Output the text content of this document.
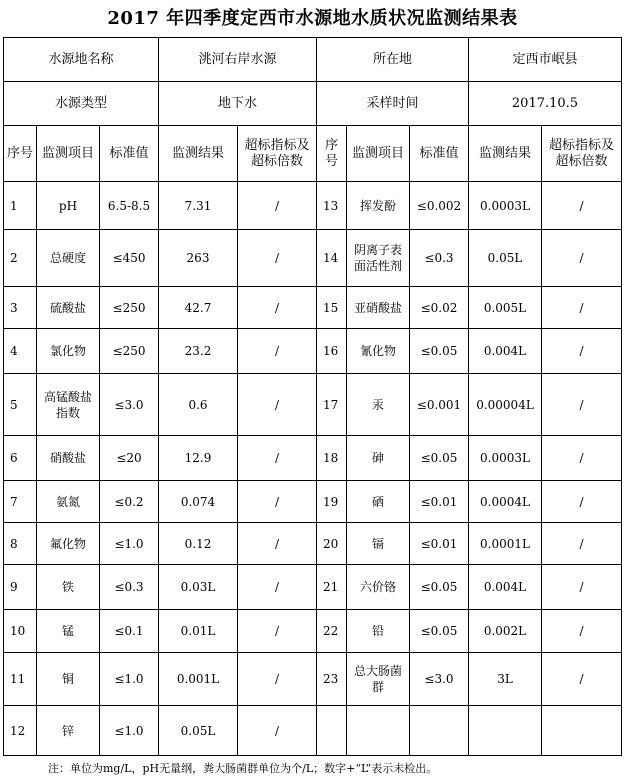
2017 年四季度定西市水源地水质状况监测结果表
水源地名称			洮河右岸水源		所在地			定西市岷县	
水源类型			地下水		采样时间			2017.10.5	
序号	监测项目	标准值	监测结果	超标指标及超标倍数	序号	监测项目	标准值	监测结果	超标指标及超标倍数
1	pH	6.5-8.5	7.31	/	13	挥发酚	≤0.002	0.0003L	/
2	总硬度	≤450	263	/	14	阴离子表面活性剂	≤0.3	0.05L	/
3	硫酸盐	≤250	42.7	/	15	亚硝酸盐	≤0.02	0.005L	/
4	氯化物	≤250	23.2	/	16	氰化物	≤0.05	0.004L	/
5	高锰酸盐指数	≤3.0	0.6	/	17	汞	≤0.001	0.00004L	/
6	硝酸盐	≤20	12.9	/	18	砷	≤0.05	0.0003L	/
7	氨氮	≤0.2	0.074	/	19	硒	≤0.01	0.0004L	/
8	氟化物	≤1.0	0.12	/	20	镉	≤0.01	0.0001L	/
9	铁	≤0.3	0.03L	/	21	六价铬	≤0.05	0.004L	/
10	锰	≤0.1	0.01L	/	22	铅	≤0.05	0.002L	/
11	铜	≤1.0	0.001L	/	23	总大肠菌群	≤3.0	3L	/
12	锌	≤1.0	0.05L	/					
注：单位为mg/L，pH无量纲，粪大肠菌群单位为个/L；数字+“L”表示未检出。
